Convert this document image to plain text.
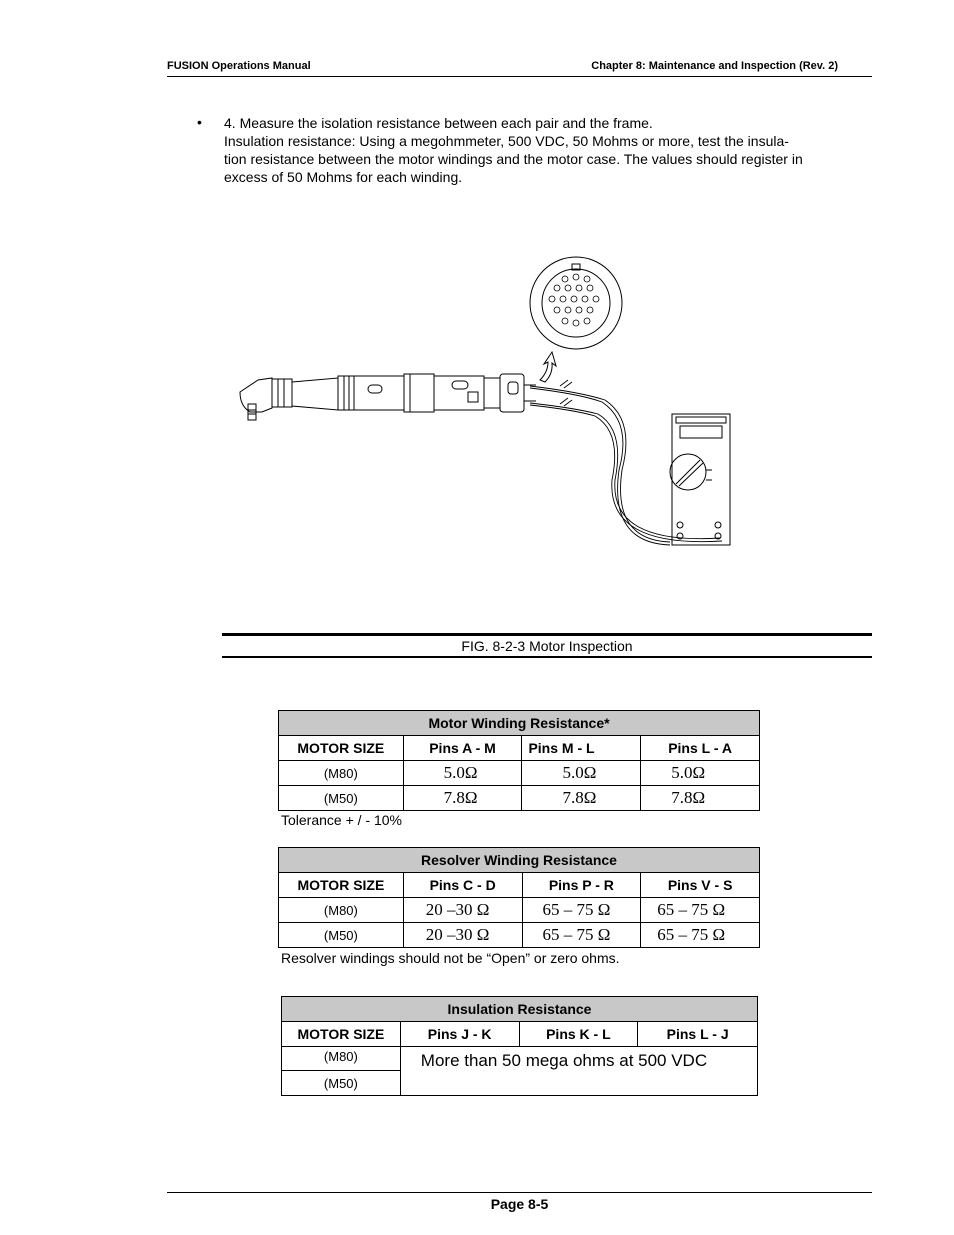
FUSION Operations Manual	Chapter 8: Maintenance and Inspection (Rev. 2)
• 4. Measure the isolation resistance between each pair and the frame.
Insulation resistance: Using a megohmmeter, 500 VDC, 50 Mohms or more, test the insula-
tion resistance between the motor windings and the motor case. The values should register in
excess of 50 Mohms for each winding.
FIG. 8-2-3 Motor Inspection
Motor Winding Resistance*			
MOTOR SIZE	Pins A - M	Pins M - L	Pins L - A
(M80)	5.0Ω	5.0Ω	5.0Ω
(M50)	7.8Ω	7.8Ω	7.8Ω
Tolerance + / - 10%
Resolver Winding Resistance			
MOTOR SIZE	Pins C - D	Pins P - R	Pins V - S
(M80)	20 –30 Ω	65 – 75 Ω	65 – 75 Ω
(M50)	20 –30 Ω	65 – 75 Ω	65 – 75 Ω
Resolver windings should not be “Open” or zero ohms.
Insulation Resistance			
MOTOR SIZE	Pins J - K	Pins K - L	Pins L - J
(M80)	More than 50 mega ohms at 500 VDC		
(M50)			
Page 8-5
